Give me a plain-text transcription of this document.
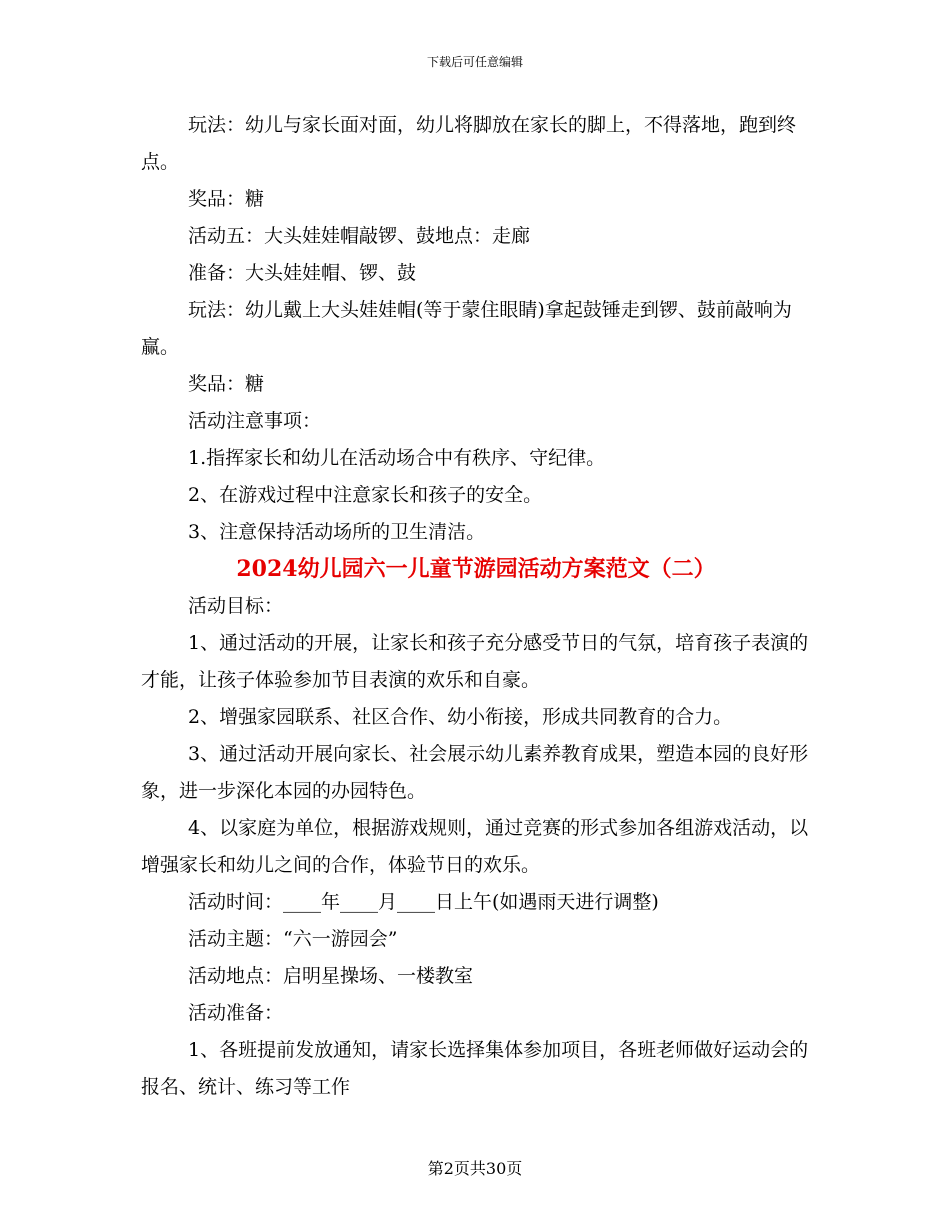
下载后可任意编辑

玩法：幼儿与家长面对面，幼儿将脚放在家长的脚上，不得落地，跑到终点。

奖品：糖

活动五：大头娃娃帽敲锣、鼓地点：走廊

准备：大头娃娃帽、锣、鼓

玩法：幼儿戴上大头娃娃帽(等于蒙住眼睛)拿起鼓锤走到锣、鼓前敲响为赢。

奖品：糖

活动注意事项：

1.指挥家长和幼儿在活动场合中有秩序、守纪律。

2、在游戏过程中注意家长和孩子的安全。

3、注意保持活动场所的卫生清洁。

2024幼儿园六一儿童节游园活动方案范文（二）

活动目标：

1、通过活动的开展，让家长和孩子充分感受节日的气氛，培育孩子表演的才能，让孩子体验参加节目表演的欢乐和自豪。

2、增强家园联系、社区合作、幼小衔接，形成共同教育的合力。

3、通过活动开展向家长、社会展示幼儿素养教育成果，塑造本园的良好形象，进一步深化本园的办园特色。

4、以家庭为单位，根据游戏规则，通过竞赛的形式参加各组游戏活动，以增强家长和幼儿之间的合作，体验节日的欢乐。

活动时间：____年____月____日上午(如遇雨天进行调整)

活动主题：“六一游园会”

活动地点：启明星操场、一楼教室

活动准备：

1、各班提前发放通知，请家长选择集体参加项目，各班老师做好运动会的报名、统计、练习等工作

第2页共30页
